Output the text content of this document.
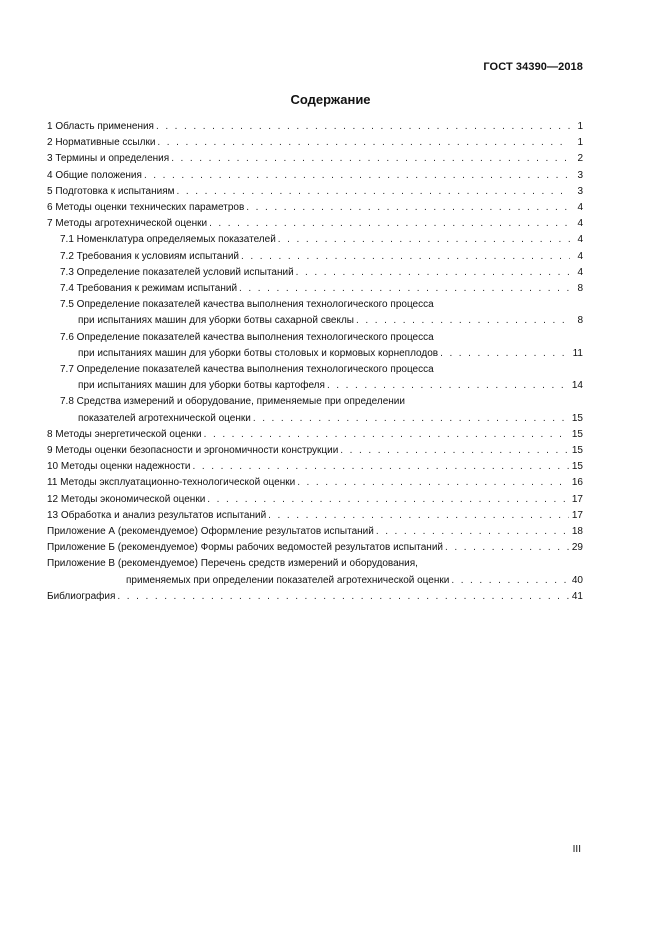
ГОСТ 34390—2018
Содержание
1 Область применения . . .	1
2 Нормативные ссылки . . .	1
3 Термины и определения . . .	2
4 Общие положения . . .	3
5 Подготовка к испытаниям . . .	3
6 Методы оценки технических параметров . . .	4
7 Методы агротехнической оценки . . .	4
7.1 Номенклатура определяемых показателей . . .	4
7.2 Требования к условиям испытаний . . .	4
7.3 Определение показателей условий испытаний . . .	4
7.4 Требования к режимам испытаний . . .	8
7.5 Определение показателей качества выполнения технологического процесса
при испытаниях машин для уборки ботвы сахарной свеклы . . .	8
7.6 Определение показателей качества выполнения технологического процесса
при испытаниях машин для уборки ботвы столовых и кормовых корнеплодов . . .	11
7.7 Определение показателей качества выполнения технологического процесса
при испытаниях машин для уборки ботвы картофеля . . .	14
7.8 Средства измерений и оборудование, применяемые при определении
показателей агротехнической оценки . . .	15
8 Методы энергетической оценки . . .	15
9 Методы оценки безопасности и эргономичности конструкции . . .	15
10 Методы оценки надежности . . .	15
11 Методы эксплуатационно-технологической оценки . . .	16
12 Методы экономической оценки . . .	17
13 Обработка и анализ результатов испытаний . . .	17
Приложение А (рекомендуемое) Оформление результатов испытаний . . .	18
Приложение Б (рекомендуемое) Формы рабочих ведомостей результатов испытаний . . .	29
Приложение В (рекомендуемое) Перечень средств измерений и оборудования,
применяемых при определении показателей агротехнической оценки . . .	40
Библиография . . .	41
III
